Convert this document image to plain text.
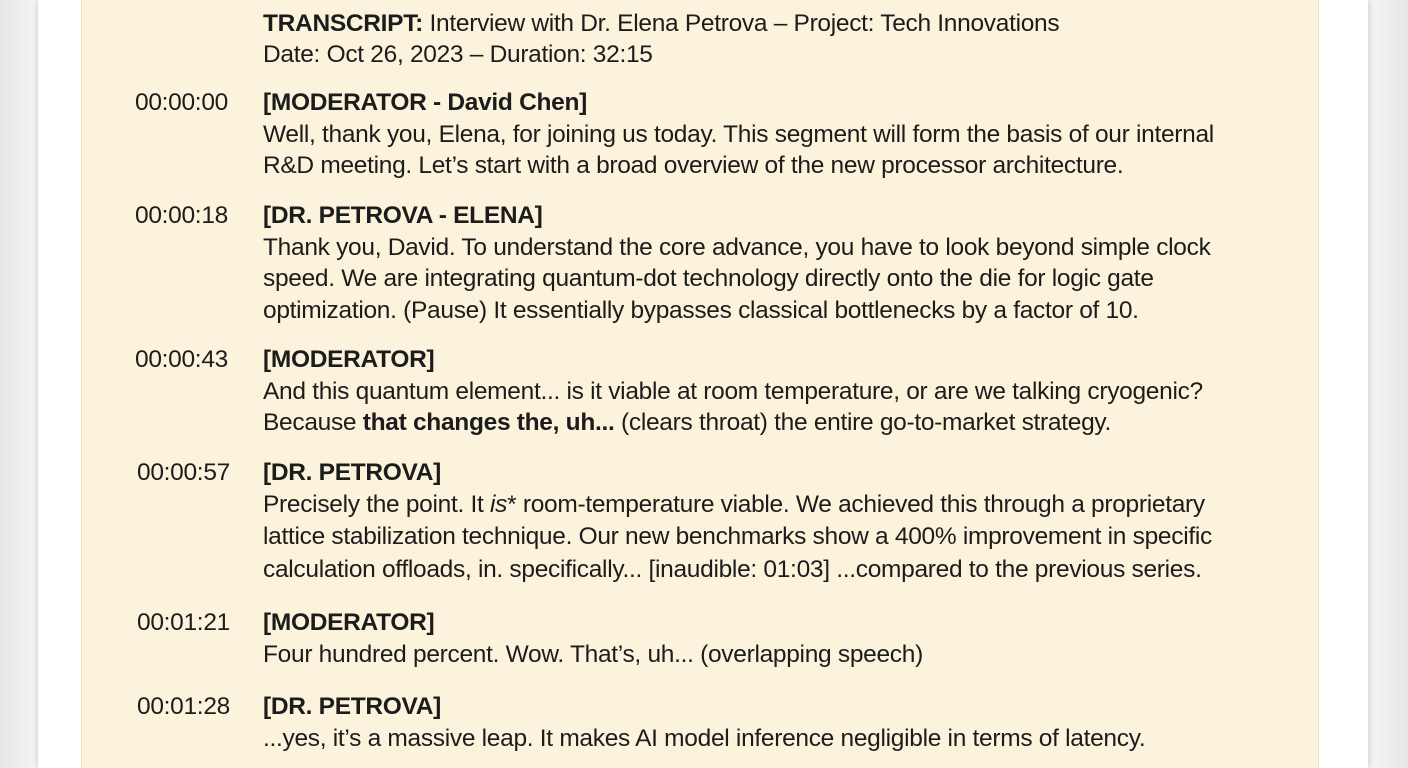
TRANSCRIPT: Interview with Dr. Elena Petrova – Project: Tech Innovations
Date: Oct 26, 2023 – Duration: 32:15
00:00:00	[MODERATOR - David Chen]
Well, thank you, Elena, for joining us today. This segment will form the basis of our internal
R&D meeting. Let’s start with a broad overview of the new processor architecture.
00:00:18	[DR. PETROVA - ELENA]
Thank you, David. To understand the core advance, you have to look beyond simple clock
speed. We are integrating quantum-dot technology directly onto the die for logic gate
optimization. (Pause) It essentially bypasses classical bottlenecks by a factor of 10.
00:00:43	[MODERATOR]
And this quantum element... is it viable at room temperature, or are we talking cryogenic?
Because that changes the, uh... (clears throat) the entire go-to-market strategy.
00:00:57	[DR. PETROVA]
Precisely the point. It is* room-temperature viable. We achieved this through a proprietary
lattice stabilization technique. Our new benchmarks show a 400% improvement in specific
calculation offloads, in. specifically... [inaudible: 01:03] ...compared to the previous series.
00:01:21	[MODERATOR]
Four hundred percent. Wow. That’s, uh... (overlapping speech)
00:01:28	[DR. PETROVA]
...yes, it’s a massive leap. It makes AI model inference negligible in terms of latency.
